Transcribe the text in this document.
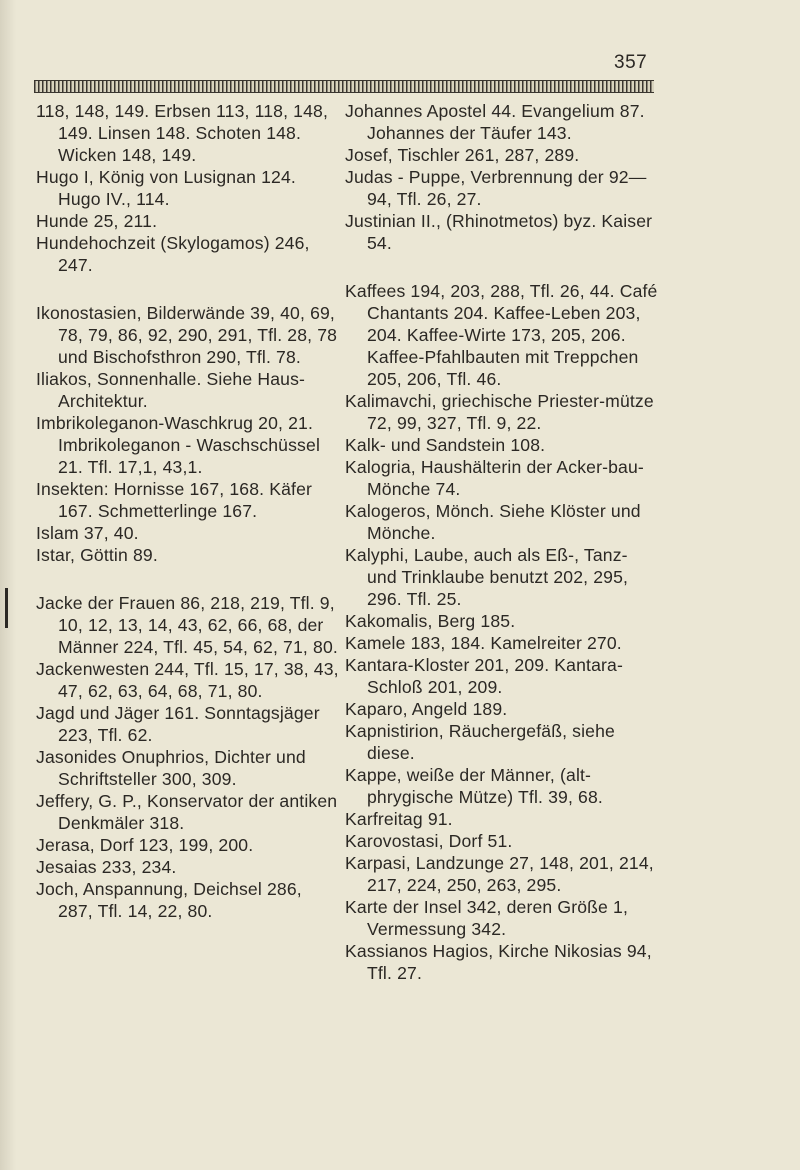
357

118, 148, 149. Erbsen 113, 118, 148, 149. Linsen 148. Schoten 148. Wicken 148, 149.

Hugo I, König von Lusignan 124. Hugo IV., 114.

Hunde 25, 211.

Hundehochzeit (Skylogamos) 246, 247.

Ikonostasien, Bilderwände 39, 40, 69, 78, 79, 86, 92, 290, 291, Tfl. 28, 78 und Bischofsthron 290, Tfl. 78.

Iliakos, Sonnenhalle. Siehe Haus-Architektur.

Imbrikoleganon-Waschkrug 20, 21. Imbrikoleganon - Waschschüssel 21. Tfl. 17,1, 43,1.

Insekten: Hornisse 167, 168. Käfer 167. Schmetterlinge 167.

Islam 37, 40.

Istar, Göttin 89.

Jacke der Frauen 86, 218, 219, Tfl. 9, 10, 12, 13, 14, 43, 62, 66, 68, der Männer 224, Tfl. 45, 54, 62, 71, 80.

Jackenwesten 244, Tfl. 15, 17, 38, 43, 47, 62, 63, 64, 68, 71, 80.

Jagd und Jäger 161. Sonntagsjäger 223, Tfl. 62.

Jasonides Onuphrios, Dichter und Schriftsteller 300, 309.

Jeffery, G. P., Konservator der antiken Denkmäler 318.

Jerasa, Dorf 123, 199, 200.

Jesaias 233, 234.

Joch, Anspannung, Deichsel 286, 287, Tfl. 14, 22, 80.

Johannes Apostel 44. Evangelium 87. Johannes der Täufer 143.

Josef, Tischler 261, 287, 289.

Judas - Puppe, Verbrennung der 92—94, Tfl. 26, 27.

Justinian II., (Rhinotmetos) byz. Kaiser 54.

Kaffees 194, 203, 288, Tfl. 26, 44. Café Chantants 204. Kaffee-Leben 203, 204. Kaffee-Wirte 173, 205, 206. Kaffee-Pfahlbauten mit Treppchen 205, 206, Tfl. 46.

Kalimavchi, griechische Priester-mütze 72, 99, 327, Tfl. 9, 22.

Kalk- und Sandstein 108.

Kalogria, Haushälterin der Acker-bau-Mönche 74.

Kalogeros, Mönch. Siehe Klöster und Mönche.

Kalyphi, Laube, auch als Eß-, Tanz- und Trinklaube benutzt 202, 295, 296. Tfl. 25.

Kakomalis, Berg 185.

Kamele 183, 184. Kamelreiter 270.

Kantara-Kloster 201, 209. Kantara-Schloß 201, 209.

Kaparo, Angeld 189.

Kapnistirion, Räuchergefäß, siehe diese.

Kappe, weiße der Männer, (alt-phrygische Mütze) Tfl. 39, 68.

Karfreitag 91.

Karovostasi, Dorf 51.

Karpasi, Landzunge 27, 148, 201, 214, 217, 224, 250, 263, 295.

Karte der Insel 342, deren Größe 1, Vermessung 342.

Kassianos Hagios, Kirche Nikosias 94, Tfl. 27.
